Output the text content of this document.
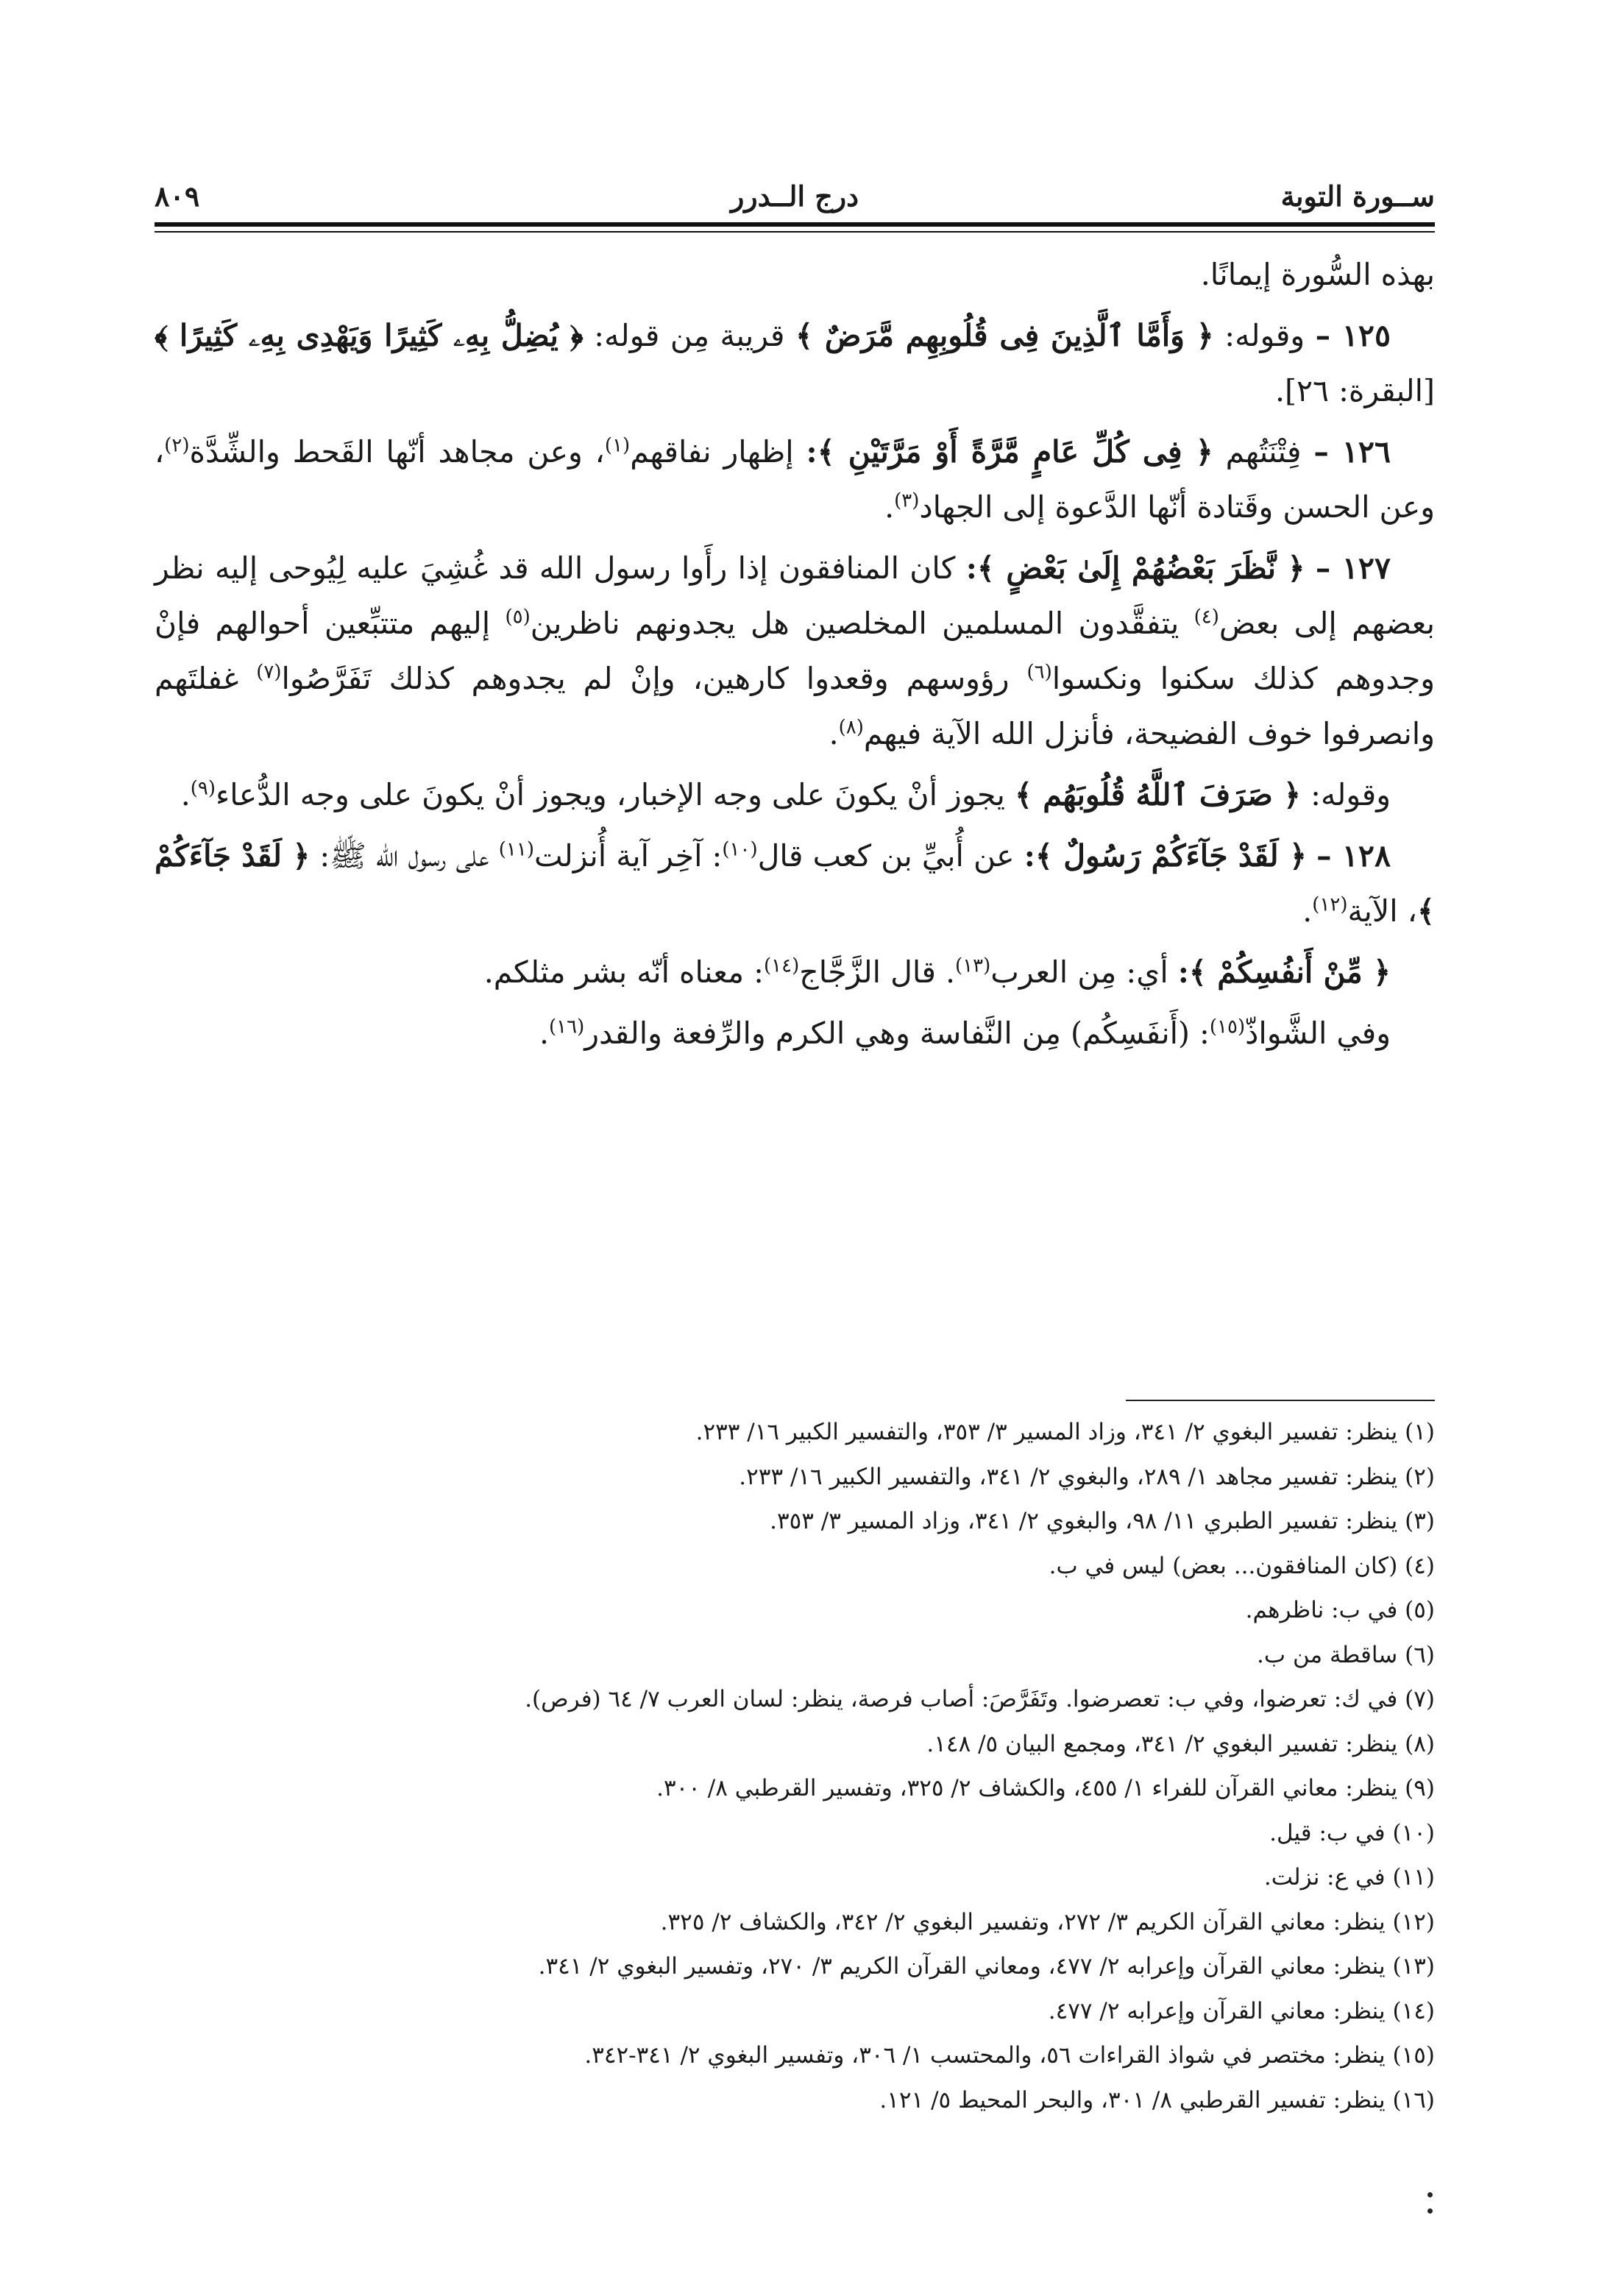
ســورة التوبة
درج الــدرر
٨٠٩

بهذه السُّورة إيمانًا.

١٢٥ – وقوله: ﴿ وَأَمَّا ٱلَّذِينَ فِى قُلُوبِهِم مَّرَضٌ ﴾ قريبة مِن قوله: ﴿ يُضِلُّ بِهِۦ كَثِيرًا وَيَهْدِى بِهِۦ كَثِيرًا ﴾ [البقرة: ٢٦].

١٢٦ – فِتْنَتُهم ﴿ فِى كُلِّ عَامٍ مَّرَّةً أَوْ مَرَّتَيْنِ ﴾: إظهار نفاقهم$^{(١)}$، وعن مجاهد أنّها القَحط والشِّدَّة$^{(٢)}$، وعن الحسن وقَتادة أنّها الدَّعوة إلى الجهاد$^{(٣)}$.

١٢٧ – ﴿ نَّظَرَ بَعْضُهُمْ إِلَىٰ بَعْضٍ ﴾: كان المنافقون إذا رأَوا رسول الله قد غُشِيَ عليه لِيُوحى إليه نظر بعضهم إلى بعض$^{(٤)}$ يتفقَّدون المسلمين المخلصين هل يجدونهم ناظرين$^{(٥)}$ إليهم متتبِّعين أحوالهم فإنْ وجدوهم كذلك سكنوا ونكسوا$^{(٦)}$ رؤوسهم وقعدوا كارهين، وإنْ لم يجدوهم كذلك تَفَرَّصُوا$^{(٧)}$ غفلتَهم وانصرفوا خوف الفضيحة، فأنزل الله الآية فيهم$^{(٨)}$.

وقوله: ﴿ صَرَفَ ٱللَّهُ قُلُوبَهُم ﴾ يجوز أنْ يكونَ على وجه الإخبار، ويجوز أنْ يكونَ على وجه الدُّعاء$^{(٩)}$.

١٢٨ – ﴿ لَقَدْ جَآءَكُمْ رَسُولٌ ﴾: عن أُبيِّ بن كعب قال$^{(١٠)}$: آخِر آية أُنزلت$^{(١١)}$ على رسول الله ﷺ: ﴿ لَقَدْ جَآءَكُمْ ﴾، الآية$^{(١٢)}$.

﴿ مِّنْ أَنفُسِكُمْ ﴾: أي: مِن العرب$^{(١٣)}$. قال الزَّجَّاج$^{(١٤)}$: معناه أنّه بشر مثلكم.

وفي الشَّواذّ$^{(١٥)}$: (أَنفَسِكُم) مِن النَّفاسة وهي الكرم والرِّفعة والقدر$^{(١٦)}$.

(١) ينظر: تفسير البغوي ٢/ ٣٤١، وزاد المسير ٣/ ٣٥٣، والتفسير الكبير ١٦/ ٢٣٣.
(٢) ينظر: تفسير مجاهد ١/ ٢٨٩، والبغوي ٢/ ٣٤١، والتفسير الكبير ١٦/ ٢٣٣.
(٣) ينظر: تفسير الطبري ١١/ ٩٨، والبغوي ٢/ ٣٤١، وزاد المسير ٣/ ٣٥٣.
(٤) (كان المنافقون... بعض) ليس في ب.
(٥) في ب: ناظرهم.
(٦) ساقطة من ب.
(٧) في ك: تعرضوا، وفي ب: تعصرضوا. وتَفَرَّصَ: أصاب فرصة، ينظر: لسان العرب ٧/ ٦٤ (فرص).
(٨) ينظر: تفسير البغوي ٢/ ٣٤١، ومجمع البيان ٥/ ١٤٨.
(٩) ينظر: معاني القرآن للفراء ١/ ٤٥٥، والكشاف ٢/ ٣٢٥، وتفسير القرطبي ٨/ ٣٠٠.
(١٠) في ب: قيل.
(١١) في ع: نزلت.
(١٢) ينظر: معاني القرآن الكريم ٣/ ٢٧٢، وتفسير البغوي ٢/ ٣٤٢، والكشاف ٢/ ٣٢٥.
(١٣) ينظر: معاني القرآن وإعرابه ٢/ ٤٧٧، ومعاني القرآن الكريم ٣/ ٢٧٠، وتفسير البغوي ٢/ ٣٤١.
(١٤) ينظر: معاني القرآن وإعرابه ٢/ ٤٧٧.
(١٥) ينظر: مختصر في شواذ القراءات ٥٦، والمحتسب ١/ ٣٠٦، وتفسير البغوي ٢/ ٣٤١-٣٤٢.
(١٦) ينظر: تفسير القرطبي ٨/ ٣٠١، والبحر المحيط ٥/ ١٢١.
